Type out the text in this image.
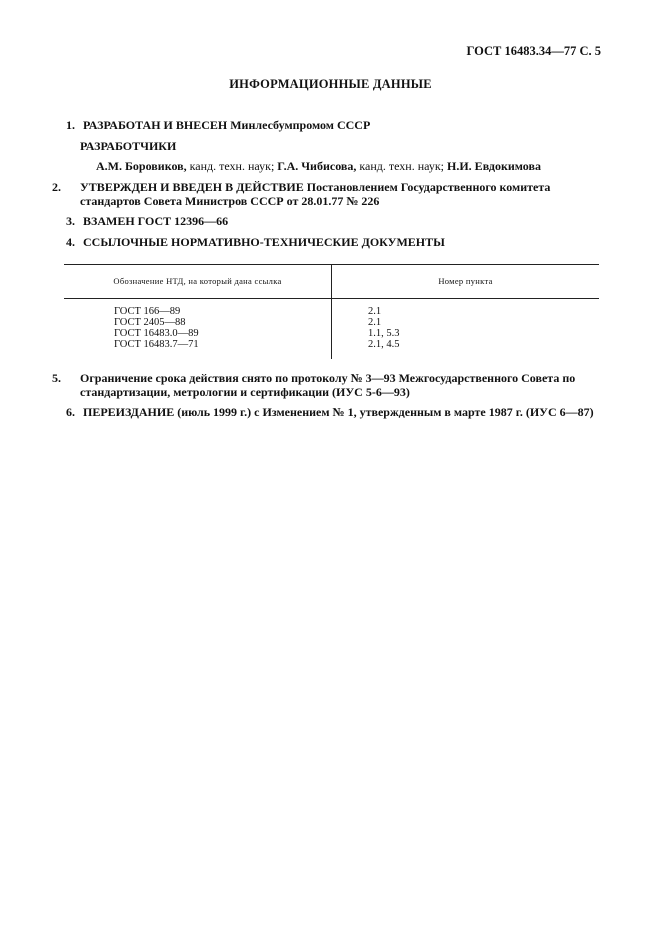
ГОСТ 16483.34—77 С. 5
ИНФОРМАЦИОННЫЕ ДАННЫЕ
1. РАЗРАБОТАН И ВНЕСЕН Минлесбумпромом СССР
РАЗРАБОТЧИКИ
А.М. Боровиков, канд. техн. наук; Г.А. Чибисова, канд. техн. наук; Н.И. Евдокимова
2. УТВЕРЖДЕН И ВВЕДЕН В ДЕЙСТВИЕ Постановлением Государственного комитета стандартов Совета Министров СССР от 28.01.77 № 226
3. ВЗАМЕН ГОСТ 12396—66
4. ССЫЛОЧНЫЕ НОРМАТИВНО-ТЕХНИЧЕСКИЕ ДОКУМЕНТЫ
Обозначение НТД, на который дана ссылка	Номер пункта
ГОСТ 166—89	2.1
ГОСТ 2405—88	2.1
ГОСТ 16483.0—89	1.1, 5.3
ГОСТ 16483.7—71	2.1, 4.5
5. Ограничение срока действия снято по протоколу № 3—93 Межгосударственного Совета по стандартизации, метрологии и сертификации (ИУС 5-6—93)
6. ПЕРЕИЗДАНИЕ (июль 1999 г.) с Изменением № 1, утвержденным в марте 1987 г. (ИУС 6—87)
